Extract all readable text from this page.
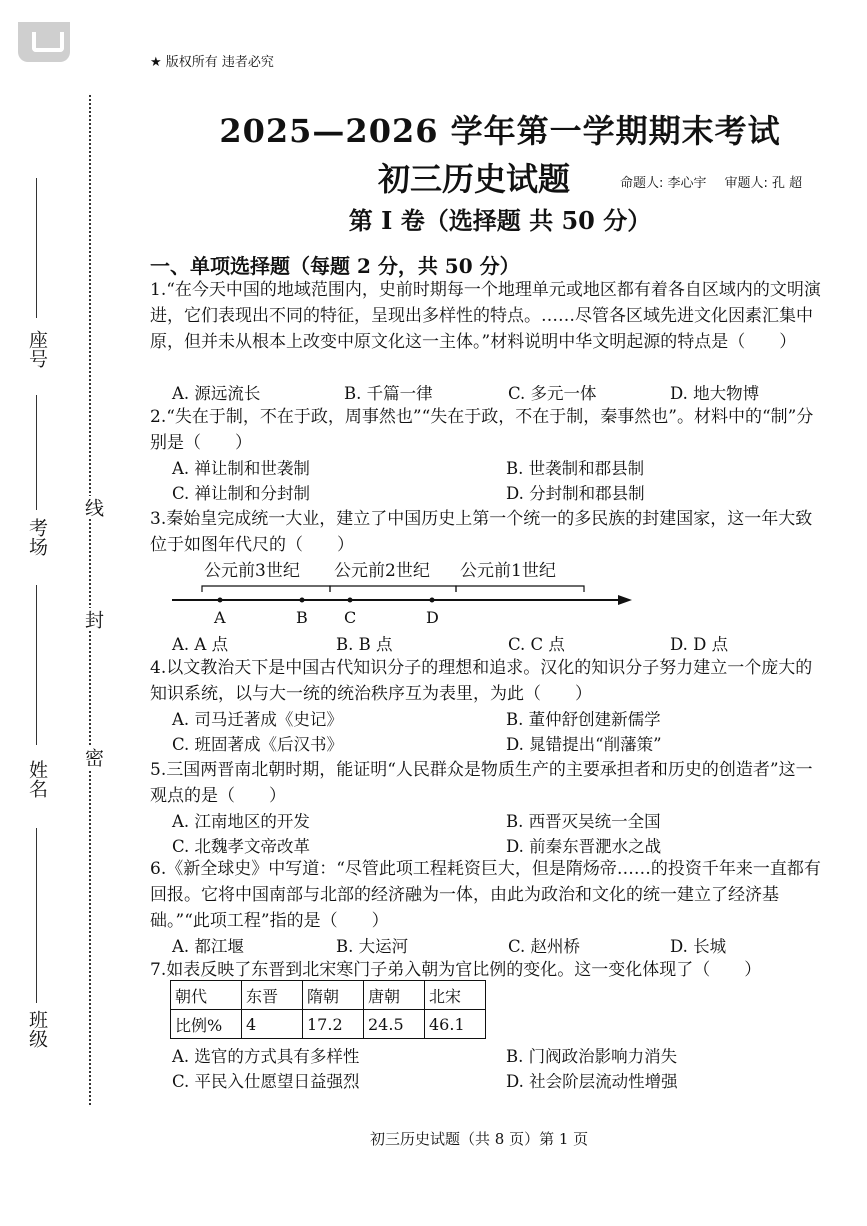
座号
考场
姓名
班级
线
封
密
★ 版权所有 违者必究
2025—2026 学年第一学期期末考试
初三历史试题	命题人: 李心宇 审题人: 孔 超
第 I 卷（选择题 共 50 分）
一、单项选择题（每题 2 分，共 50 分）
1.“在今天中国的地域范围内，史前时期每一个地理单元或地区都有着各自区域内的文明演进，它们表现出不同的特征，呈现出多样性的特点。……尽管各区域先进文化因素汇集中原，但并未从根本上改变中原文化这一主体。”材料说明中华文明起源的特点是（　　）
A. 源远流长	B. 千篇一律	C. 多元一体	D. 地大物博
2.“失在于制，不在于政，周事然也”“失在于政，不在于制，秦事然也”。材料中的“制”分别是（　　）
A. 禅让制和世袭制	B. 世袭制和郡县制
C. 禅让制和分封制	D. 分封制和郡县制
3.秦始皇完成统一大业，建立了中国历史上第一个统一的多民族的封建国家，这一年大致位于如图年代尺的（　　）
公元前3世纪 公元前2世纪 公元前1世纪
A	B C	D
A. A 点	B. B 点	C. C 点	D. D 点
4.以文教治天下是中国古代知识分子的理想和追求。汉化的知识分子努力建立一个庞大的知识系统，以与大一统的统治秩序互为表里，为此（　　）
A. 司马迁著成《史记》	B. 董仲舒创建新儒学
C. 班固著成《后汉书》	D. 晁错提出“削藩策”
5.三国两晋南北朝时期，能证明“人民群众是物质生产的主要承担者和历史的创造者”这一观点的是（　　）
A. 江南地区的开发	B. 西晋灭吴统一全国
C. 北魏孝文帝改革	D. 前秦东晋淝水之战
6.《新全球史》中写道：“尽管此项工程耗资巨大，但是隋炀帝……的投资千年来一直都有回报。它将中国南部与北部的经济融为一体，由此为政治和文化的统一建立了经济基础。”“此项工程”指的是（　　）
A. 都江堰	B. 大运河	C. 赵州桥	D. 长城
7.如表反映了东晋到北宋寒门子弟入朝为官比例的变化。这一变化体现了（　　）
朝代	东晋	隋朝	唐朝	北宋
比例%	4	17.2	24.5	46.1
A. 选官的方式具有多样性	B. 门阀政治影响力消失
C. 平民入仕愿望日益强烈	D. 社会阶层流动性增强
初三历史试题（共 8 页）第 1 页
